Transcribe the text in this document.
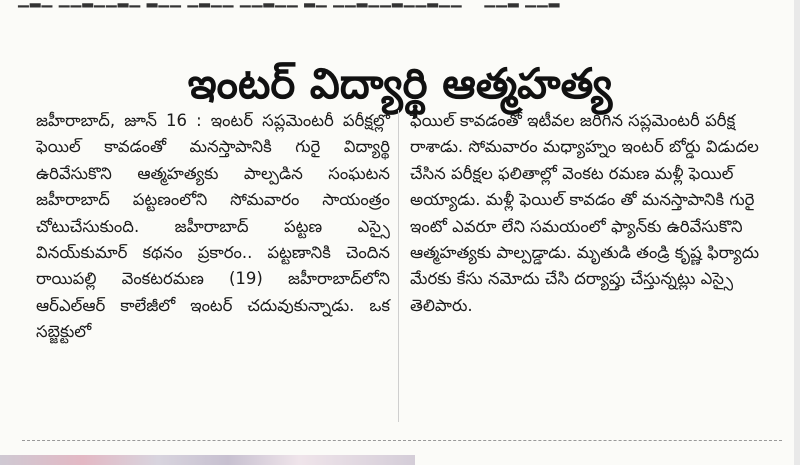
▁▂▁ ▁▁▂▁▁▂▁ ▂▁▁ ▁▂▁▁ ▁▁▂▁▁ ▂▁ ▁▁▂▁▁▂▁▁▂▁▁    ▁▁▂ ▁▁▂
ఇంటర్ విద్యార్థి ఆత్మహత్య

జహీరాబాద్, జూన్ 16 : ఇంటర్ సప్లమెంటరీ పరీక్షల్లో ఫెయిల్ కావడంతో మనస్తాపానికి గురై విద్యార్థి ఉరివేసుకొని ఆత్మహత్యకు పాల్పడిన సంఘటన జహీరాబాద్ పట్టణంలోని సోమవారం సాయంత్రం చోటుచేసుకుంది. జహీరాబాద్ పట్టణ ఎస్సై వినయ్‌కుమార్ కథనం ప్రకారం.. పట్టణానికి చెందిన రాయిపల్లి వెంకటరమణ (19) జహీరాబాద్‌లోని ఆర్ఎల్ఆర్ కాలేజీలో ఇంటర్ చదువుకున్నాడు. ఒక సబ్జెక్టులో

ఫెయిల్ కావడంతో ఇటీవల జరిగిన సప్లమెంటరీ పరీక్ష రాశాడు. సోమవారం మధ్యాహ్నం ఇంటర్ బోర్డు విడుదల చేసిన పరీక్షల ఫలితాల్లో వెంకట రమణ మళ్లీ ఫెయిల్ అయ్యాడు. మళ్లీ ఫెయిల్ కావడం తో మనస్తాపానికి గురై ఇంటో ఎవరూ లేని సమయంలో ఫ్యాన్‌కు ఉరివేసుకొని ఆత్మహత్యకు పాల్పడ్డాడు. మృతుడి తండ్రి కృష్ణ ఫిర్యాదు మేరకు కేసు నమోదు చేసి దర్యాప్తు చేస్తున్నట్లు ఎస్సై తెలిపారు.
